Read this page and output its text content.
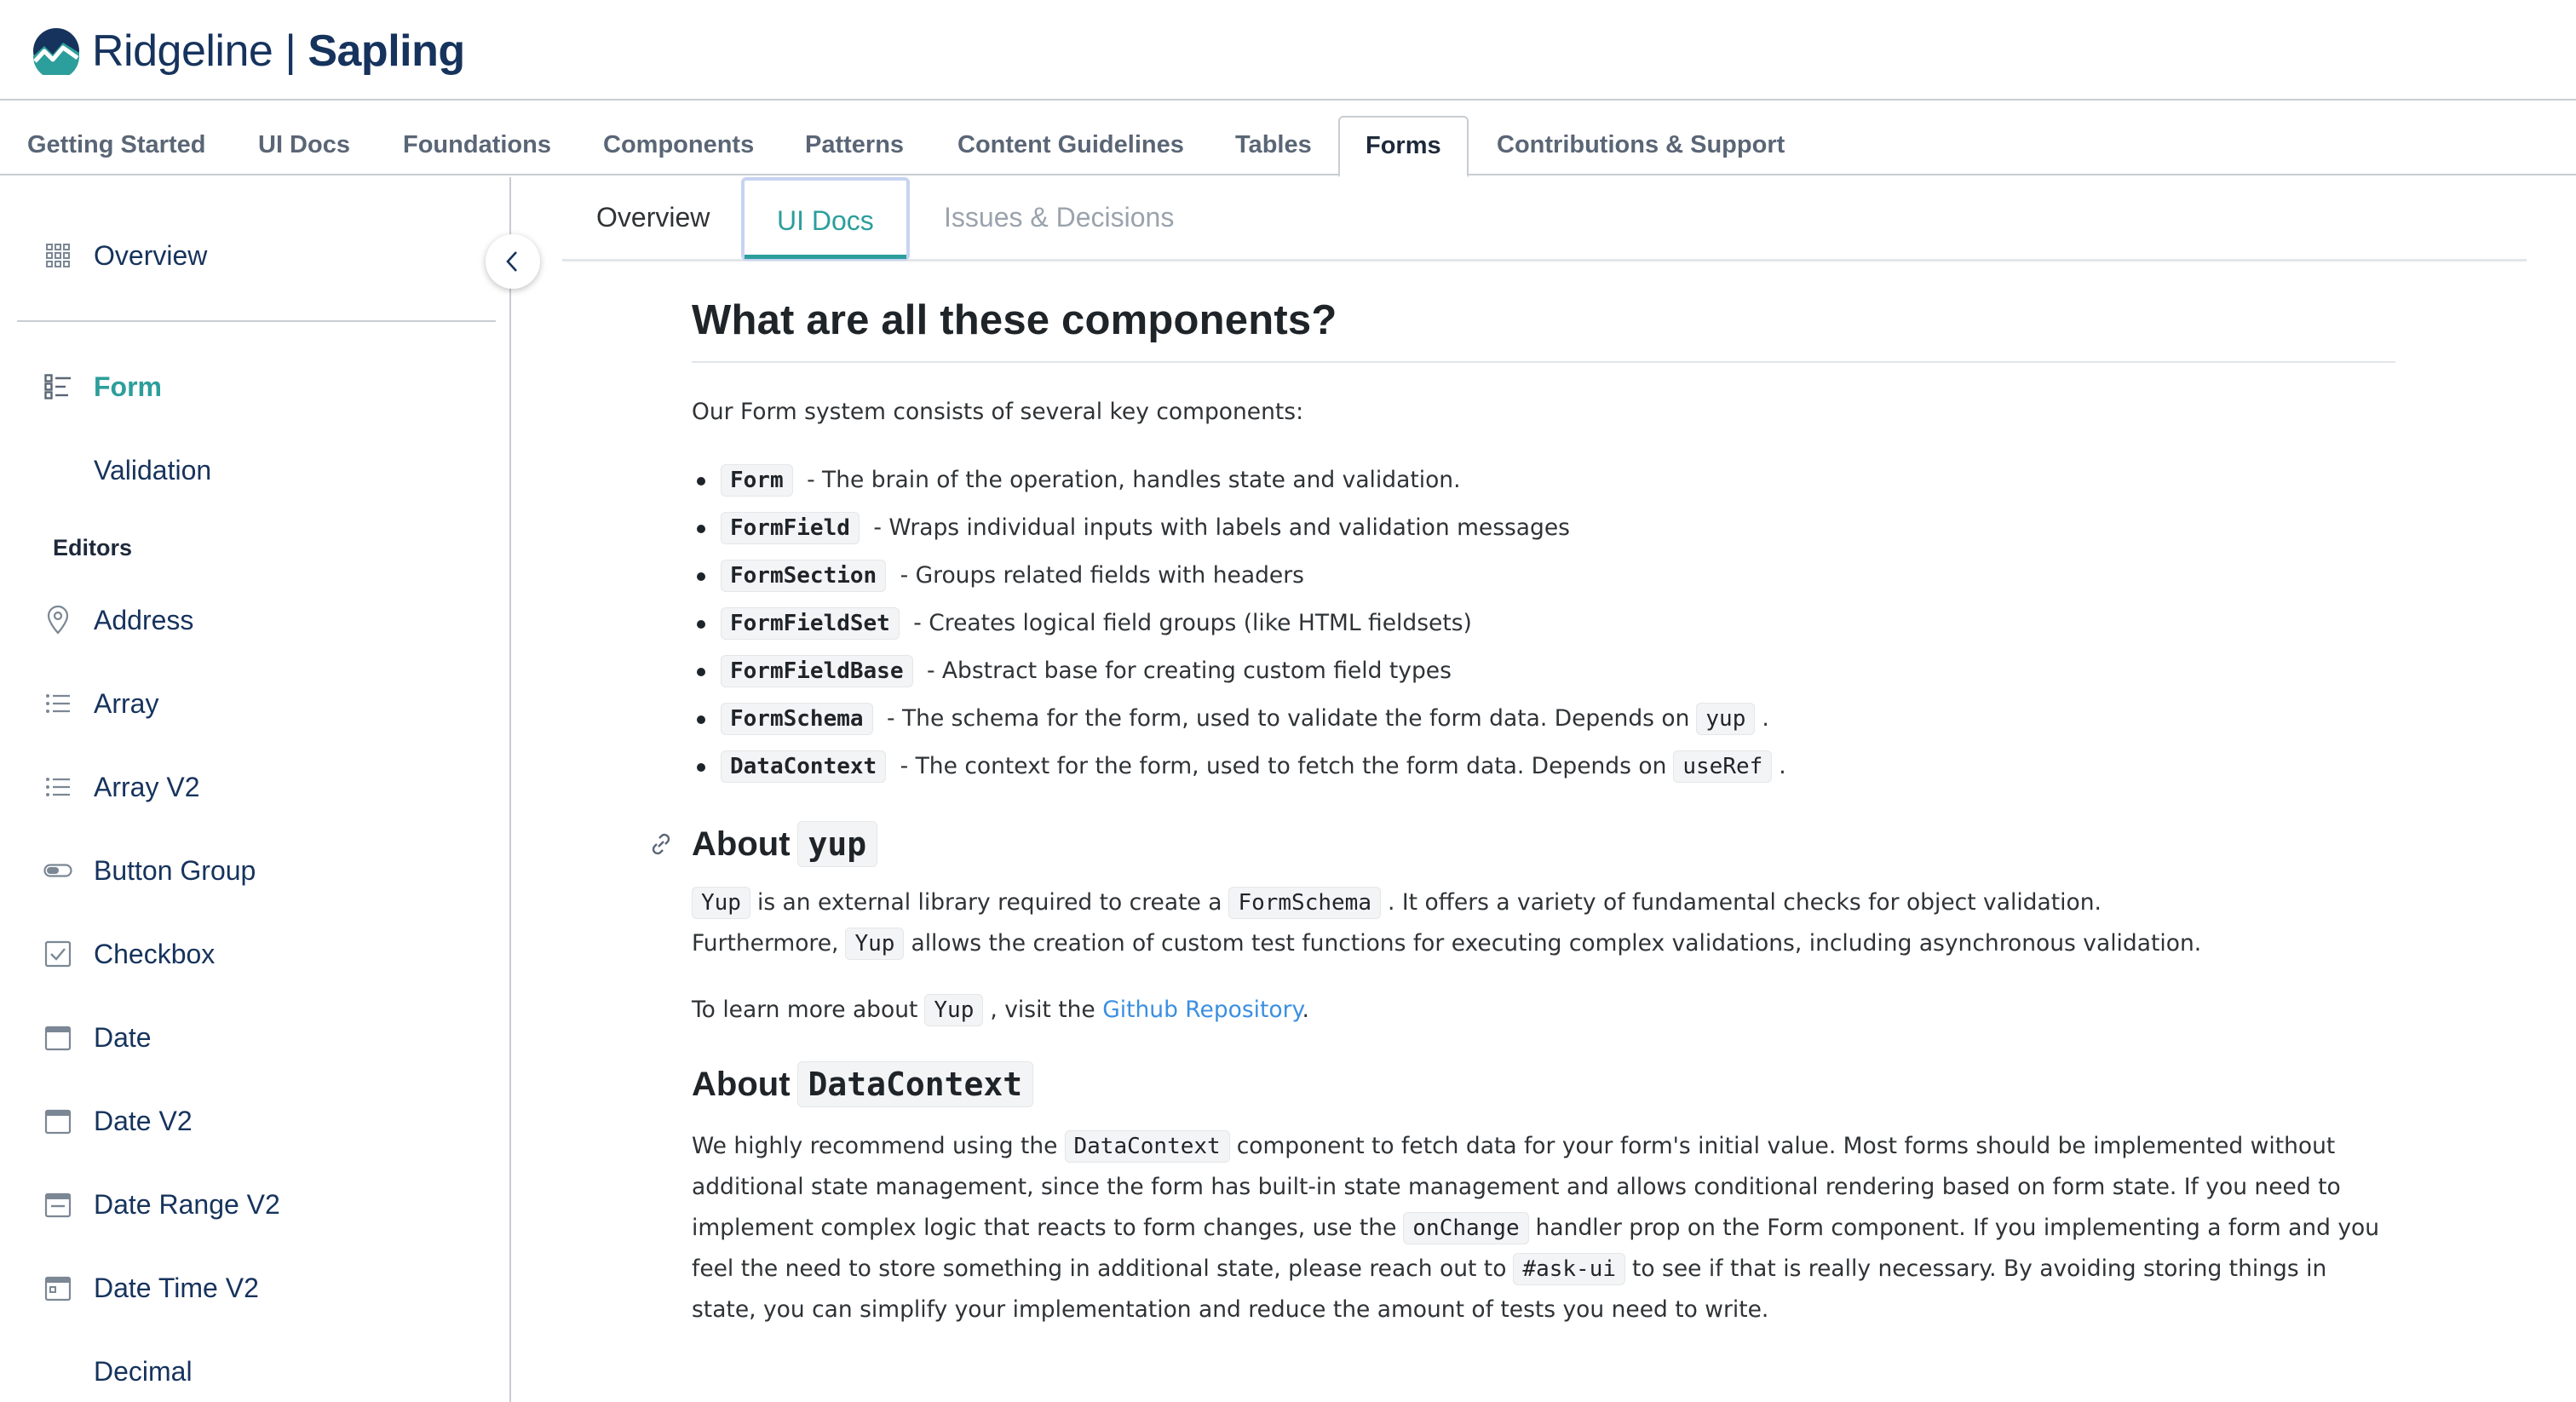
Ridgeline | Sapling
Getting Started UI Docs Foundations Components Patterns Content Guidelines Tables	Forms	Contributions & Support
Overview
Form
Validation
Editors
Address
Array
Array V2
Button Group
Checkbox
Date
Date V2
Date Range V2
Date Time V2
Decimal
Overview	UI Docs	Issues & Decisions
What are all these components?

Our Form system consists of several key components:

Form - The brain of the operation, handles state and validation.
FormField - Wraps individual inputs with labels and validation messages
FormSection - Groups related fields with headers
FormFieldSet - Creates logical field groups (like HTML fieldsets)
FormFieldBase - Abstract base for creating custom field types
FormSchema - The schema for the form, used to validate the form data. Depends on yup .
DataContext - The context for the form, used to fetch the form data. Depends on useRef .
About yup

Yup is an external library required to create a FormSchema . It offers a variety of fundamental checks for object validation. Furthermore, Yup allows the creation of custom test functions for executing complex validations, including asynchronous validation.

To learn more about Yup , visit the Github Repository.

About DataContext

We highly recommend using the DataContext component to fetch data for your form's initial value. Most forms should be implemented without additional state management, since the form has built-in state management and allows conditional rendering based on form state. If you need to implement complex logic that reacts to form changes, use the onChange handler prop on the Form component. If you implementing a form and you feel the need to store something in additional state, please reach out to #ask-ui to see if that is really necessary. By avoiding storing things in state, you can simplify your implementation and reduce the amount of tests you need to write.
